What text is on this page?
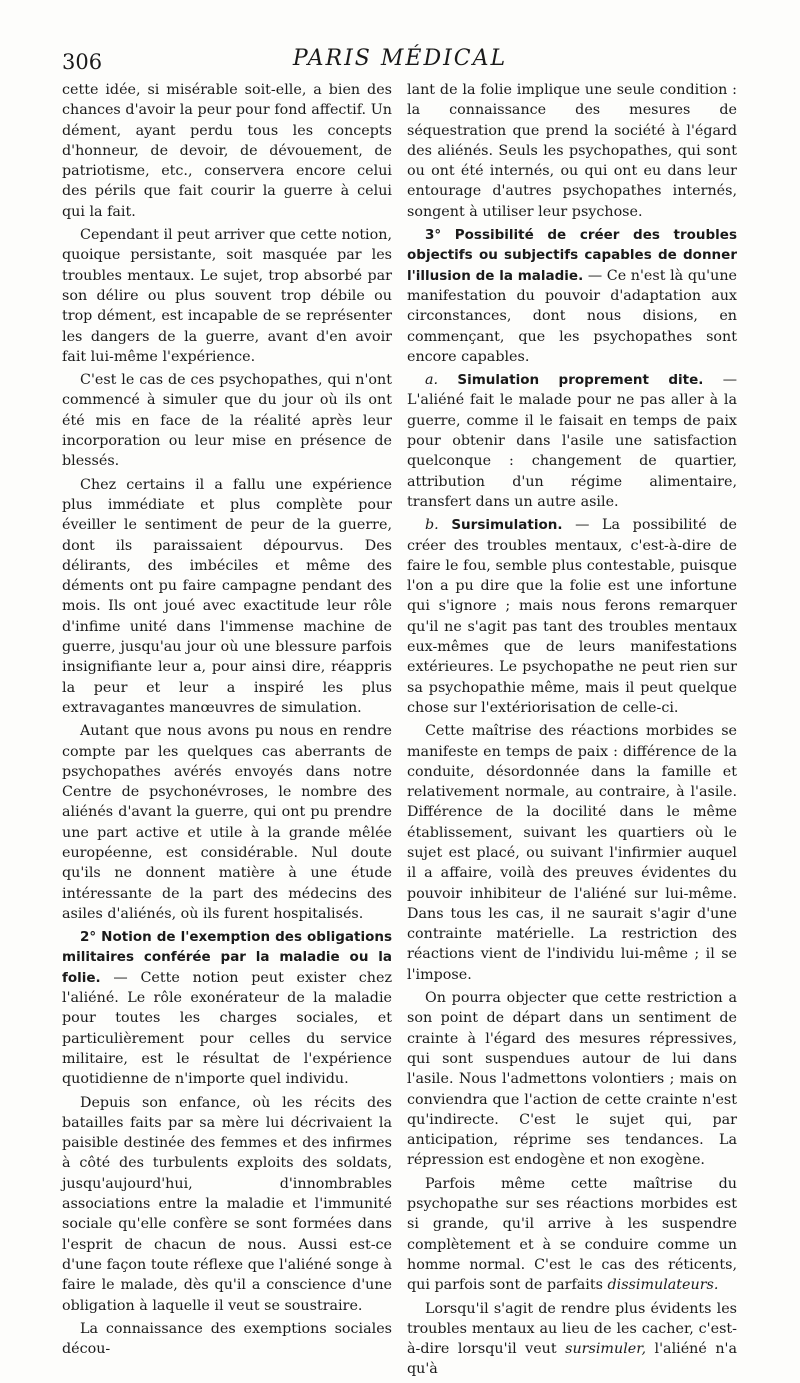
306	PARIS MÉDICAL

cette idée, si misérable soit-elle, a bien des chances d'avoir la peur pour fond affectif. Un dément, ayant perdu tous les concepts d'honneur, de devoir, de dévouement, de patriotisme, etc., conservera encore celui des périls que fait courir la guerre à celui qui la fait.

Cependant il peut arriver que cette notion, quoique persistante, soit masquée par les troubles mentaux. Le sujet, trop absorbé par son délire ou plus souvent trop débile ou trop dément, est incapable de se représenter les dangers de la guerre, avant d'en avoir fait lui-même l'expérience.

C'est le cas de ces psychopathes, qui n'ont commencé à simuler que du jour où ils ont été mis en face de la réalité après leur incorporation ou leur mise en présence de blessés.

Chez certains il a fallu une expérience plus immédiate et plus complète pour éveiller le sentiment de peur de la guerre, dont ils paraissaient dépourvus. Des délirants, des imbéciles et même des déments ont pu faire campagne pendant des mois. Ils ont joué avec exactitude leur rôle d'infime unité dans l'immense machine de guerre, jusqu'au jour où une blessure parfois insignifiante leur a, pour ainsi dire, réappris la peur et leur a inspiré les plus extravagantes manœuvres de simulation.

Autant que nous avons pu nous en rendre compte par les quelques cas aberrants de psychopathes avérés envoyés dans notre Centre de psychonévroses, le nombre des aliénés d'avant la guerre, qui ont pu prendre une part active et utile à la grande mêlée européenne, est considérable. Nul doute qu'ils ne donnent matière à une étude intéressante de la part des médecins des asiles d'aliénés, où ils furent hospitalisés.

2° Notion de l'exemption des obligations militaires conférée par la maladie ou la folie. — Cette notion peut exister chez l'aliéné. Le rôle exonérateur de la maladie pour toutes les charges sociales, et particulièrement pour celles du service militaire, est le résultat de l'expérience quotidienne de n'importe quel individu.

Depuis son enfance, où les récits des batailles faits par sa mère lui décrivaient la paisible destinée des femmes et des infirmes à côté des turbulents exploits des soldats, jusqu'aujourd'hui, d'innombrables associations entre la maladie et l'immunité sociale qu'elle confère se sont formées dans l'esprit de chacun de nous. Aussi est-ce d'une façon toute réflexe que l'aliéné songe à faire le malade, dès qu'il a conscience d'une obligation à laquelle il veut se soustraire.

La connaissance des exemptions sociales décou-

lant de la folie implique une seule condition : la connaissance des mesures de séquestration que prend la société à l'égard des aliénés. Seuls les psychopathes, qui sont ou ont été internés, ou qui ont eu dans leur entourage d'autres psychopathes internés, songent à utiliser leur psychose.

3° Possibilité de créer des troubles objectifs ou subjectifs capables de donner l'illusion de la maladie. — Ce n'est là qu'une manifestation du pouvoir d'adaptation aux circonstances, dont nous disions, en commençant, que les psychopathes sont encore capables.

a. Simulation proprement dite. — L'aliéné fait le malade pour ne pas aller à la guerre, comme il le faisait en temps de paix pour obtenir dans l'asile une satisfaction quelconque : changement de quartier, attribution d'un régime alimentaire, transfert dans un autre asile.

b. Sursimulation. — La possibilité de créer des troubles mentaux, c'est-à-dire de faire le fou, semble plus contestable, puisque l'on a pu dire que la folie est une infortune qui s'ignore ; mais nous ferons remarquer qu'il ne s'agit pas tant des troubles mentaux eux-mêmes que de leurs manifestations extérieures. Le psychopathe ne peut rien sur sa psychopathie même, mais il peut quelque chose sur l'extériorisation de celle-ci.

Cette maîtrise des réactions morbides se manifeste en temps de paix : différence de la conduite, désordonnée dans la famille et relativement normale, au contraire, à l'asile. Différence de la docilité dans le même établissement, suivant les quartiers où le sujet est placé, ou suivant l'infirmier auquel il a affaire, voilà des preuves évidentes du pouvoir inhibiteur de l'aliéné sur lui-même. Dans tous les cas, il ne saurait s'agir d'une contrainte matérielle. La restriction des réactions vient de l'individu lui-même ; il se l'impose.

On pourra objecter que cette restriction a son point de départ dans un sentiment de crainte à l'égard des mesures répressives, qui sont suspendues autour de lui dans l'asile. Nous l'admettons volontiers ; mais on conviendra que l'action de cette crainte n'est qu'indirecte. C'est le sujet qui, par anticipation, réprime ses tendances. La répression est endogène et non exogène.

Parfois même cette maîtrise du psychopathe sur ses réactions morbides est si grande, qu'il arrive à les suspendre complètement et à se conduire comme un homme normal. C'est le cas des réticents, qui parfois sont de parfaits dissimulateurs.

Lorsqu'il s'agit de rendre plus évidents les troubles mentaux au lieu de les cacher, c'est-à-dire lorsqu'il veut sursimuler, l'aliéné n'a qu'à
